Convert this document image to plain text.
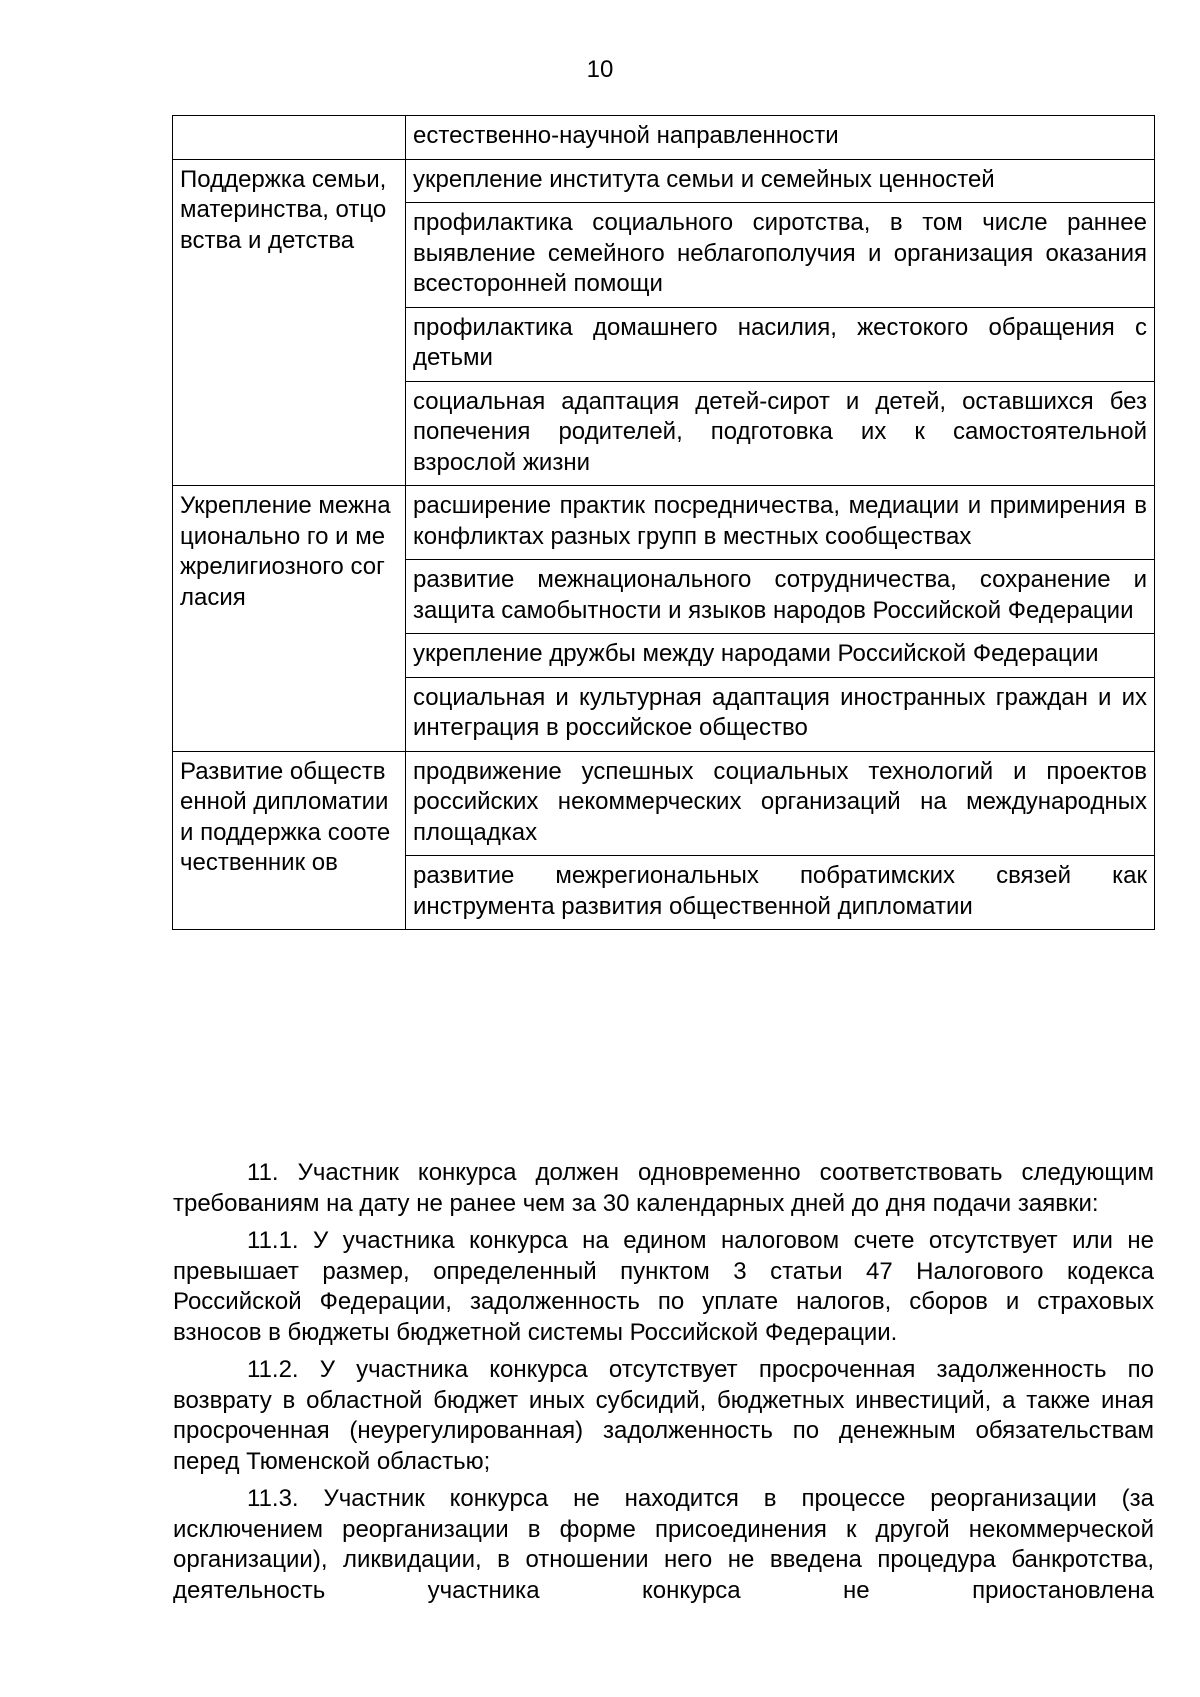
10
	естественно-научной направленности
Поддержка семьи, материнства, отцовства и детства	укрепление института семьи и семейных ценностей
	профилактика социального сиротства, в том числе раннее выявление семейного неблагополучия и организация оказания всесторонней помощи
	профилактика домашнего насилия, жестокого обращения с детьми
	социальная адаптация детей-сирот и детей, оставшихся без попечения родителей, подготовка их к самостоятельной взрослой жизни
Укрепление межнационально го и межрелигиозного согласия	расширение практик посредничества, медиации и примирения в конфликтах разных групп в местных сообществах
	развитие межнационального сотрудничества, сохранение и защита самобытности и языков народов Российской Федерации
	укрепление дружбы между народами Российской Федерации
	социальная и культурная адаптация иностранных граждан и их интеграция в российское общество
Развитие общественной дипломатии и поддержка соотечественник ов	продвижение успешных социальных технологий и проектов российских некоммерческих организаций на международных площадках
	развитие межрегиональных побратимских связей как инструмента развития общественной дипломатии

11. Участник конкурса должен одновременно соответствовать следующим требованиям на дату не ранее чем за 30 календарных дней до дня подачи заявки:

11.1. У участника конкурса на едином налоговом счете отсутствует или не превышает размер, определенный пунктом 3 статьи 47 Налогового кодекса Российской Федерации, задолженность по уплате налогов, сборов и страховых взносов в бюджеты бюджетной системы Российской Федерации.

11.2. У участника конкурса отсутствует просроченная задолженность по возврату в областной бюджет иных субсидий, бюджетных инвестиций, а также иная просроченная (неурегулированная) задолженность по денежным обязательствам перед Тюменской областью;

11.3. Участник конкурса не находится в процессе реорганизации (за исключением реорганизации в форме присоединения к другой некоммерческой организации), ликвидации, в отношении него не введена процедура банкротства, деятельность участника конкурса не приостановлена
